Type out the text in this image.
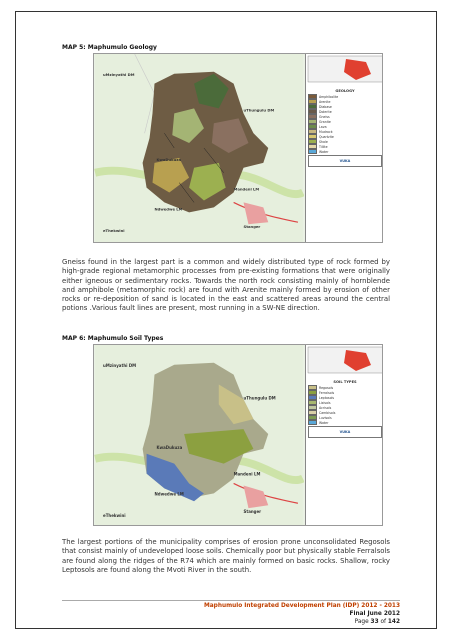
MAP 5: Maphumulo Geology
uMzinyathi DM
uThungulu DM
KwaDukuza
Ndwedwe LM
Mandeni LM
Stanger
eThekwini
GEOLOGY
Amphibolite
Arenite
Diabase
Dolerite
Gneiss
Granite
Lava
Mudrock
Quartzite
Shale
Tillite
Water
VUKA

Gneiss found in the largest part is a common and widely distributed type of rock formed by high-grade regional metamorphic processes from pre-existing formations that were originally either igneous or sedimentary rocks. Towards the north rock consisting mainly of hornblende and amphibole (metamorphic rock) are found with Arenite mainly formed by erosion of other rocks or re-deposition of sand is located in the east and scattered areas around the central potions .Various fault lines are present, most running in a SW-NE direction.

MAP 6: Maphumulo Soil Types
uMzinyathi DM
uThungulu DM
KwaDukuza
Ndwedwe LM
Mandeni LM
Stanger
eThekwini
SOIL TYPES
Regosols
Ferralsols
Leptosols
Lixisols
Acrisols
Cambisols
Luvisols
Water
VUKA

The largest portions of the municipality comprises of erosion prone unconsolidated Regosols that consist mainly of undeveloped loose soils. Chemically poor but physically stable Ferralsols are found along the ridges of the R74 which are mainly formed on basic rocks. Shallow, rocky Leptosols are found along the Mvoti River in the south.

Maphumulo Integrated Development Plan (IDP) 2012 - 2013
Final June 2012
Page 33 of 142
